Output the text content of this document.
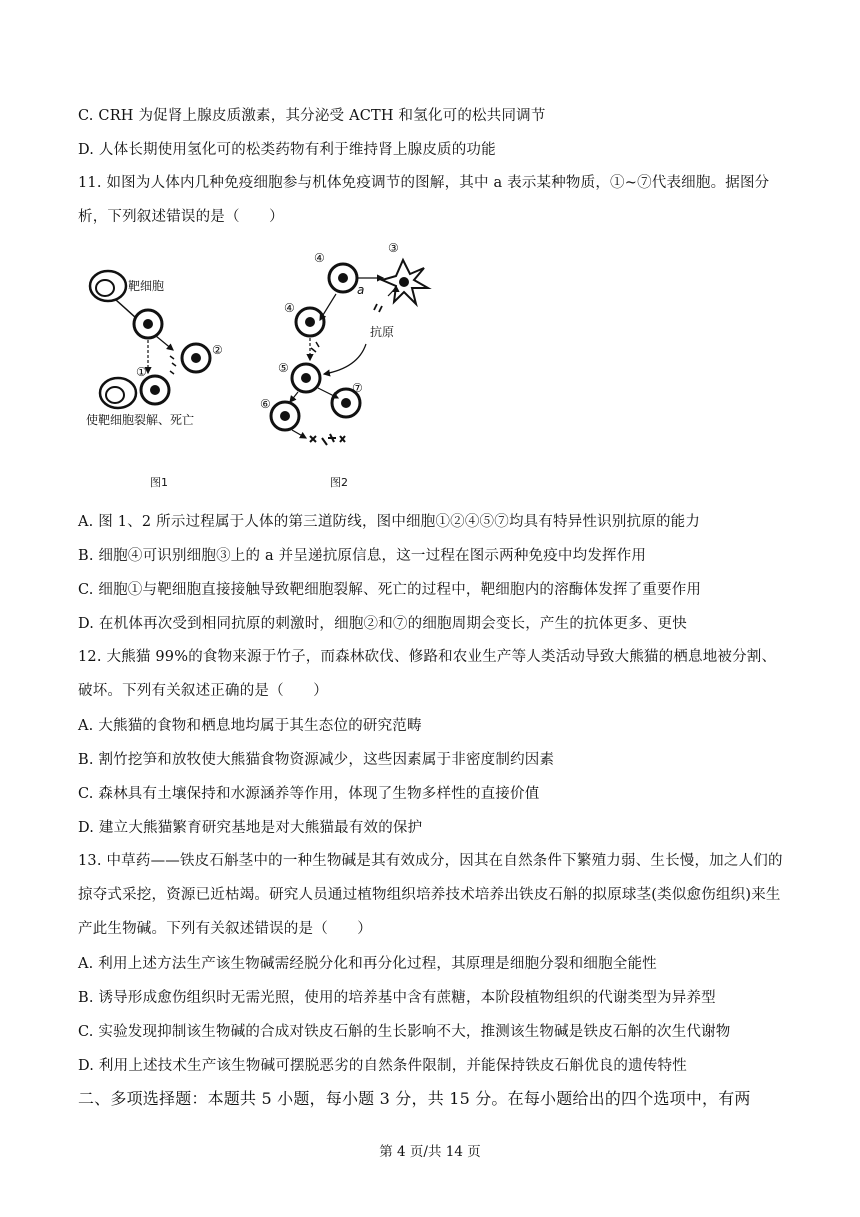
C. CRH 为促肾上腺皮质激素，其分泌受 ACTH 和氢化可的松共同调节
D. 人体长期使用氢化可的松类药物有利于维持肾上腺皮质的功能
11. 如图为人体内几种免疫细胞参与机体免疫调节的图解，其中 a 表示某种物质，①~⑦代表细胞。据图分析，下列叙述错误的是（　　）
靶细胞
②
①
使靶细胞裂解、死亡
图1
④
a
③
④
抗原
⑤
⑦
⑥
图2
A. 图 1、2 所示过程属于人体的第三道防线，图中细胞①②④⑤⑦均具有特异性识别抗原的能力
B. 细胞④可识别细胞③上的 a 并呈递抗原信息，这一过程在图示两种免疫中均发挥作用
C. 细胞①与靶细胞直接接触导致靶细胞裂解、死亡的过程中，靶细胞内的溶酶体发挥了重要作用
D. 在机体再次受到相同抗原的刺激时，细胞②和⑦的细胞周期会变长，产生的抗体更多、更快
12. 大熊猫 99%的食物来源于竹子，而森林砍伐、修路和农业生产等人类活动导致大熊猫的栖息地被分割、破坏。下列有关叙述正确的是（　　）
A. 大熊猫的食物和栖息地均属于其生态位的研究范畴
B. 割竹挖笋和放牧使大熊猫食物资源减少，这些因素属于非密度制约因素
C. 森林具有土壤保持和水源涵养等作用，体现了生物多样性的直接价值
D. 建立大熊猫繁育研究基地是对大熊猫最有效的保护
13. 中草药——铁皮石斛茎中的一种生物碱是其有效成分，因其在自然条件下繁殖力弱、生长慢，加之人们的掠夺式采挖，资源已近枯竭。研究人员通过植物组织培养技术培养出铁皮石斛的拟原球茎(类似愈伤组织)来生产此生物碱。下列有关叙述错误的是（　　）
A. 利用上述方法生产该生物碱需经脱分化和再分化过程，其原理是细胞分裂和细胞全能性
B. 诱导形成愈伤组织时无需光照，使用的培养基中含有蔗糖，本阶段植物组织的代谢类型为异养型
C. 实验发现抑制该生物碱的合成对铁皮石斛的生长影响不大，推测该生物碱是铁皮石斛的次生代谢物
D. 利用上述技术生产该生物碱可摆脱恶劣的自然条件限制，并能保持铁皮石斛优良的遗传特性
二、多项选择题：本题共 5 小题，每小题 3 分，共 15 分。在每小题给出的四个选项中，有两
第 4 页/共 14 页
